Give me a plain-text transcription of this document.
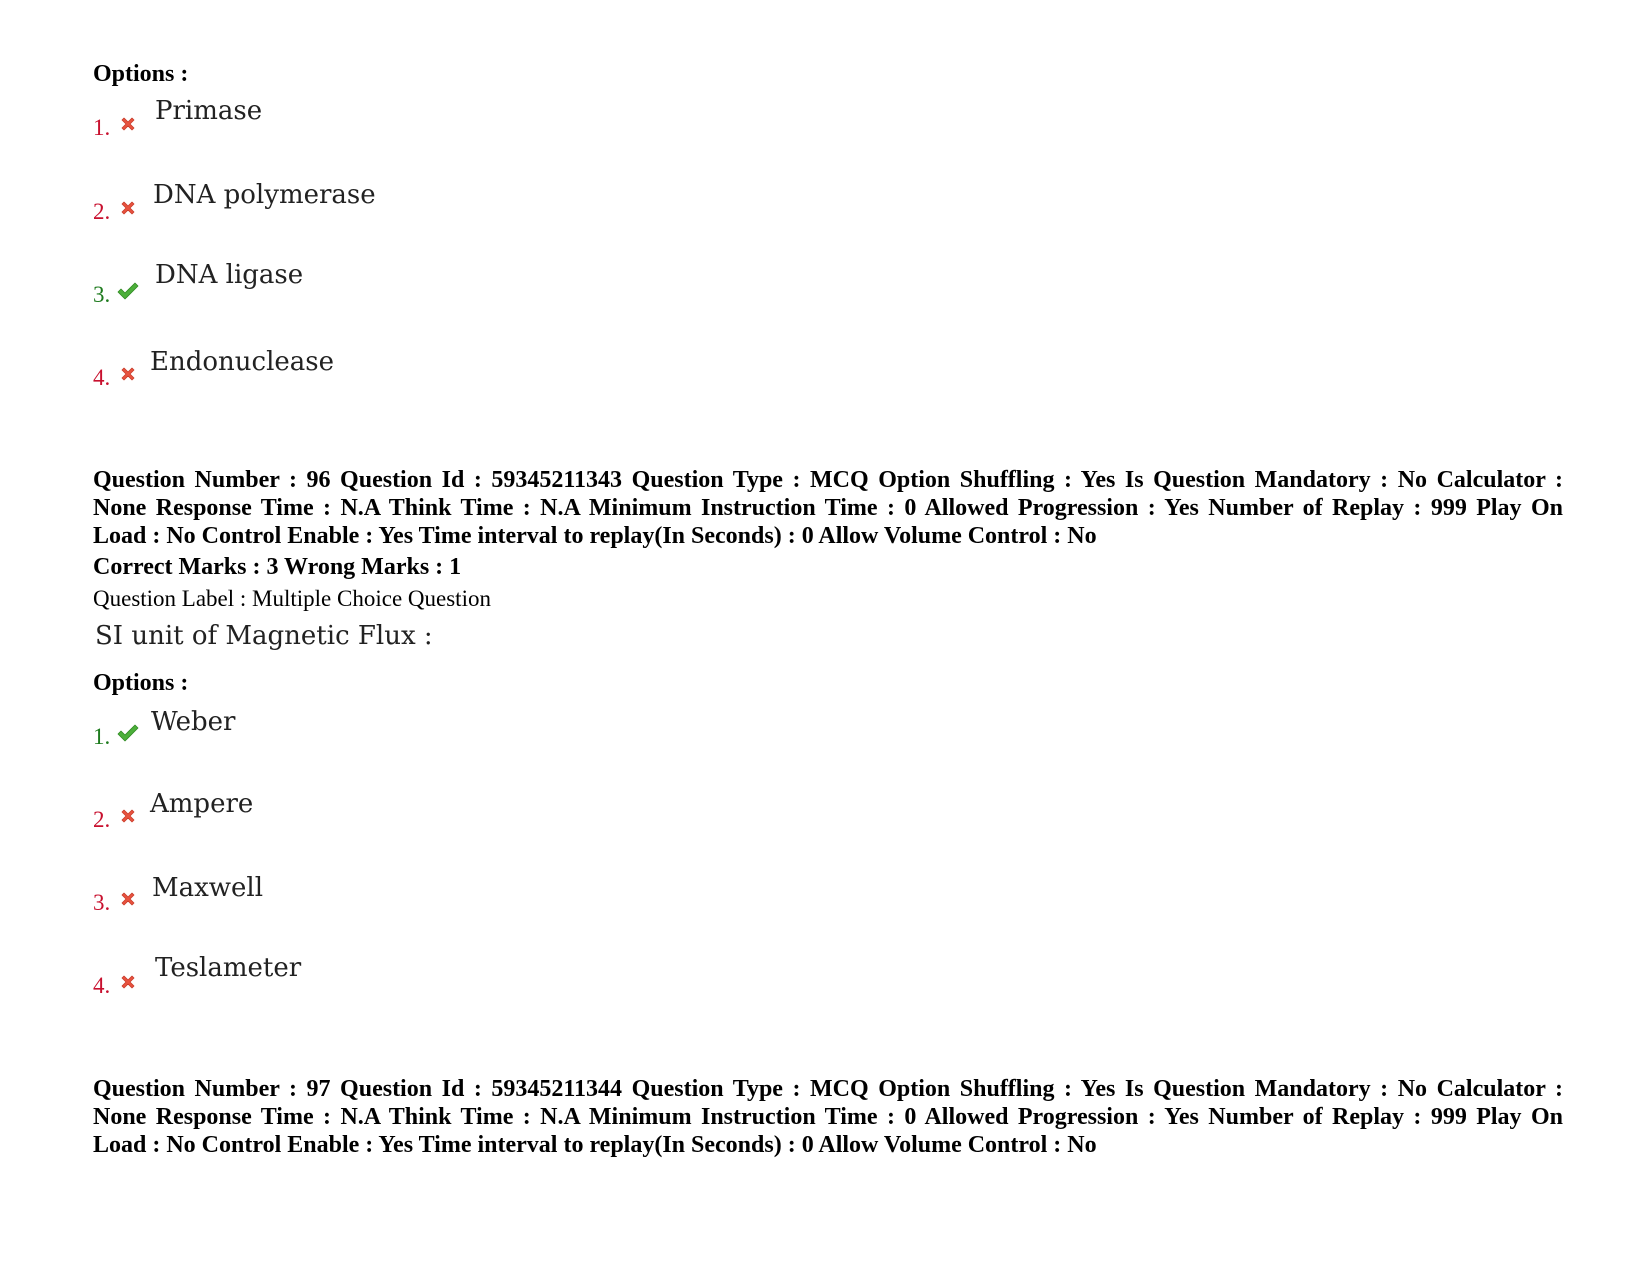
Options :
1.
Primase
2.
DNA polymerase
3.
DNA ligase
4.
Endonuclease
Question Number : 96 Question Id : 59345211343 Question Type : MCQ Option Shuffling : Yes Is Question Mandatory : No Calculator :
None Response Time : N.A Think Time : N.A Minimum Instruction Time : 0 Allowed Progression : Yes Number of Replay : 999 Play On
Load : No Control Enable : Yes Time interval to replay(In Seconds) : 0 Allow Volume Control : No
Correct Marks : 3 Wrong Marks : 1
Question Label : Multiple Choice Question
SI unit of Magnetic Flux :
Options :
1.	Weber
2.
Ampere
3.	Maxwell
4.
Teslameter
Question Number : 97 Question Id : 59345211344 Question Type : MCQ Option Shuffling : Yes Is Question Mandatory : No Calculator :
None Response Time : N.A Think Time : N.A Minimum Instruction Time : 0 Allowed Progression : Yes Number of Replay : 999 Play On
Load : No Control Enable : Yes Time interval to replay(In Seconds) : 0 Allow Volume Control : No
